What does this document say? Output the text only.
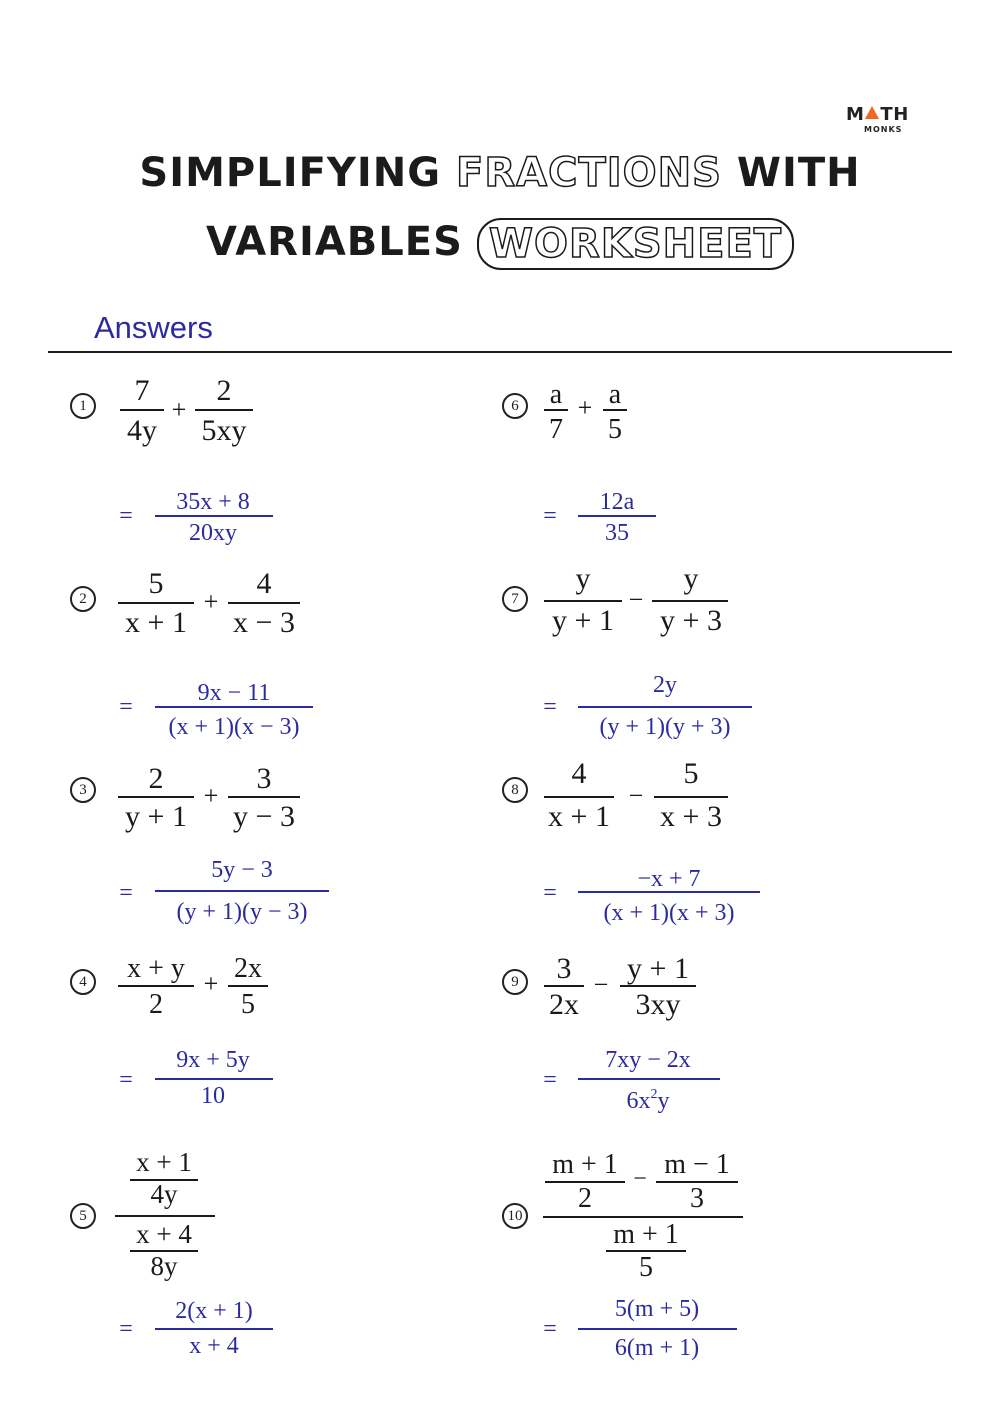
M TH
MONKS
SIMPLIFYING FRACTIONS WITH
VARIABLES WORKSHEET
Answers
1
2
3
4
5
6
7
8
9
10
7
4y
+
2
5xy
=
35x + 8
20xy
5
x + 1
+
4
x − 3
=
9x − 11
(x + 1)(x − 3)
2
y + 1
+
3
y − 3
=
5y − 3
(y + 1)(y − 3)
x + y
2
+ 2x
5
=
9x + 5y
10
x + 1
4y
x + 4
8y
=
2(x + 1)
x + 4
a
7
+ a
5
=
12a
35
y
y + 1
−
y
y + 3
=
2y
(y + 1)(y + 3)
4
x + 1
−
5
x + 3
=
−x + 7
(x + 1)(x + 3)
3
2x
− y + 1
3xy
=
7xy − 2x
$6x^2y$
m + 1
2
− m − 1
3
m + 1
5
=
5(m + 5)
6(m + 1)
